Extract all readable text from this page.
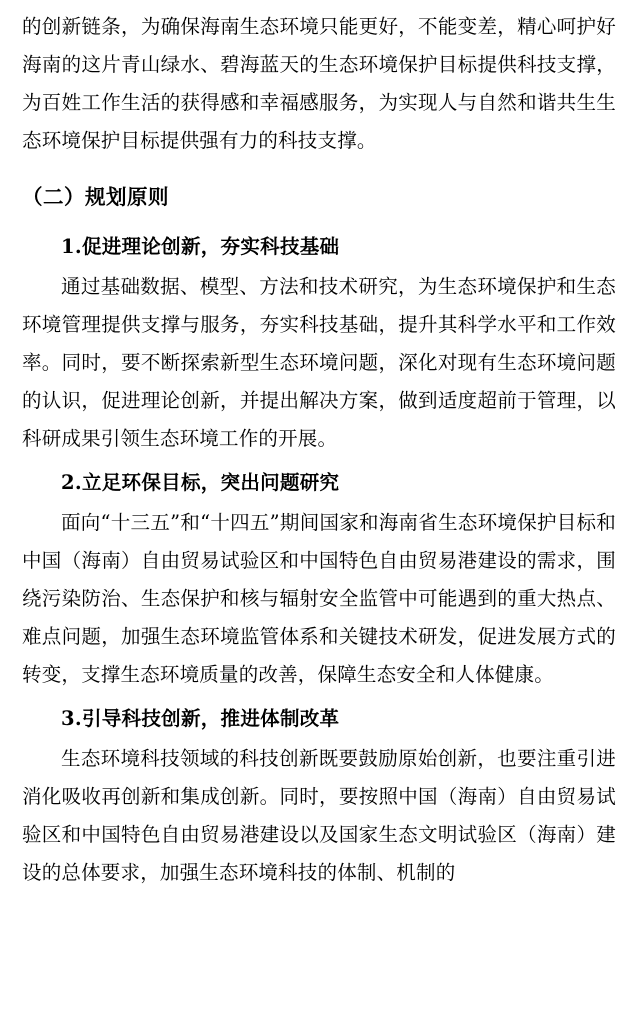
的创新链条，为确保海南生态环境只能更好，不能变差，精心呵护好海南的这片青山绿水、碧海蓝天的生态环境保护目标提供科技支撑，为百姓工作生活的获得感和幸福感服务，为实现人与自然和谐共生生态环境保护目标提供强有力的科技支撑。

（二）规划原则
1.促进理论创新，夯实科技基础

通过基础数据、模型、方法和技术研究，为生态环境保护和生态环境管理提供支撑与服务，夯实科技基础，提升其科学水平和工作效率。同时，要不断探索新型生态环境问题，深化对现有生态环境问题的认识，促进理论创新，并提出解决方案，做到适度超前于管理，以科研成果引领生态环境工作的开展。

2.立足环保目标，突出问题研究

面向“十三五”和“十四五”期间国家和海南省生态环境保护目标和中国（海南）自由贸易试验区和中国特色自由贸易港建设的需求，围绕污染防治、生态保护和核与辐射安全监管中可能遇到的重大热点、难点问题，加强生态环境监管体系和关键技术研发，促进发展方式的转变，支撑生态环境质量的改善，保障生态安全和人体健康。

3.引导科技创新，推进体制改革

生态环境科技领域的科技创新既要鼓励原始创新，也要注重引进消化吸收再创新和集成创新。同时，要按照中国（海南）自由贸易试验区和中国特色自由贸易港建设以及国家生态文明试验区（海南）建设的总体要求，加强生态环境科技的体制、机制的
